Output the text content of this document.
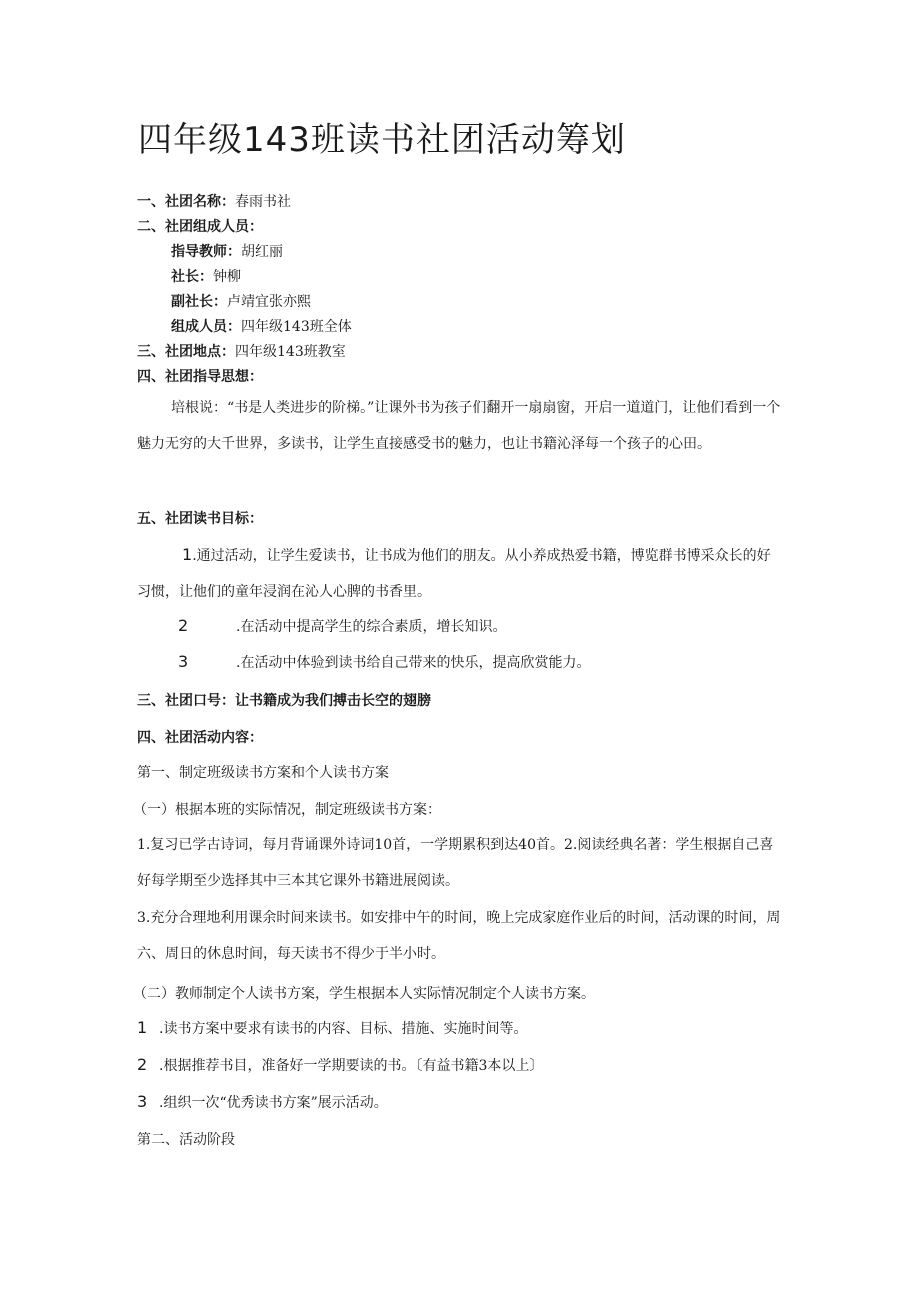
四年级143班读书社团活动筹划
一、社团名称：春雨书社
二、社团组成人员：
指导教师：胡红丽
社长：钟柳
副社长：卢靖宜张亦熙
组成人员：四年级143班全体
三、社团地点：四年级143班教室
四、社团指导思想：

培根说：“书是人类进步的阶梯。”让课外书为孩子们翻开一扇扇窗，开启一道道门，让他们看到一个魅力无穷的大千世界，多读书，让学生直接感受书的魅力，也让书籍沁泽每一个孩子的心田。

五、社团读书目标：

1.通过活动，让学生爱读书，让书成为他们的朋友。从小养成热爱书籍，博览群书博采众长的好习惯，让他们的童年浸润在沁人心脾的书香里。

2	.在活动中提高学生的综合素质，增长知识。
3	.在活动中体验到读书给自己带来的快乐，提高欣赏能力。
三、社团口号：让书籍成为我们搏击长空的翅膀
四、社团活动内容：
第一、制定班级读书方案和个人读书方案
（一）根据本班的实际情况，制定班级读书方案：

1.复习已学古诗词，每月背诵课外诗词10首，一学期累积到达40首。2.阅读经典名著：学生根据自己喜好每学期至少选择其中三本其它课外书籍进展阅读。

3.充分合理地利用课余时间来读书。如安排中午的时间，晚上完成家庭作业后的时间，活动课的时间，周六、周日的休息时间，每天读书不得少于半小时。

（二）教师制定个人读书方案，学生根据本人实际情况制定个人读书方案。
1 .读书方案中要求有读书的内容、目标、措施、实施时间等。
2 .根据推荐书目，准备好一学期要读的书。〔有益书籍3本以上〕
3 .组织一次“优秀读书方案”展示活动。
第二、活动阶段
